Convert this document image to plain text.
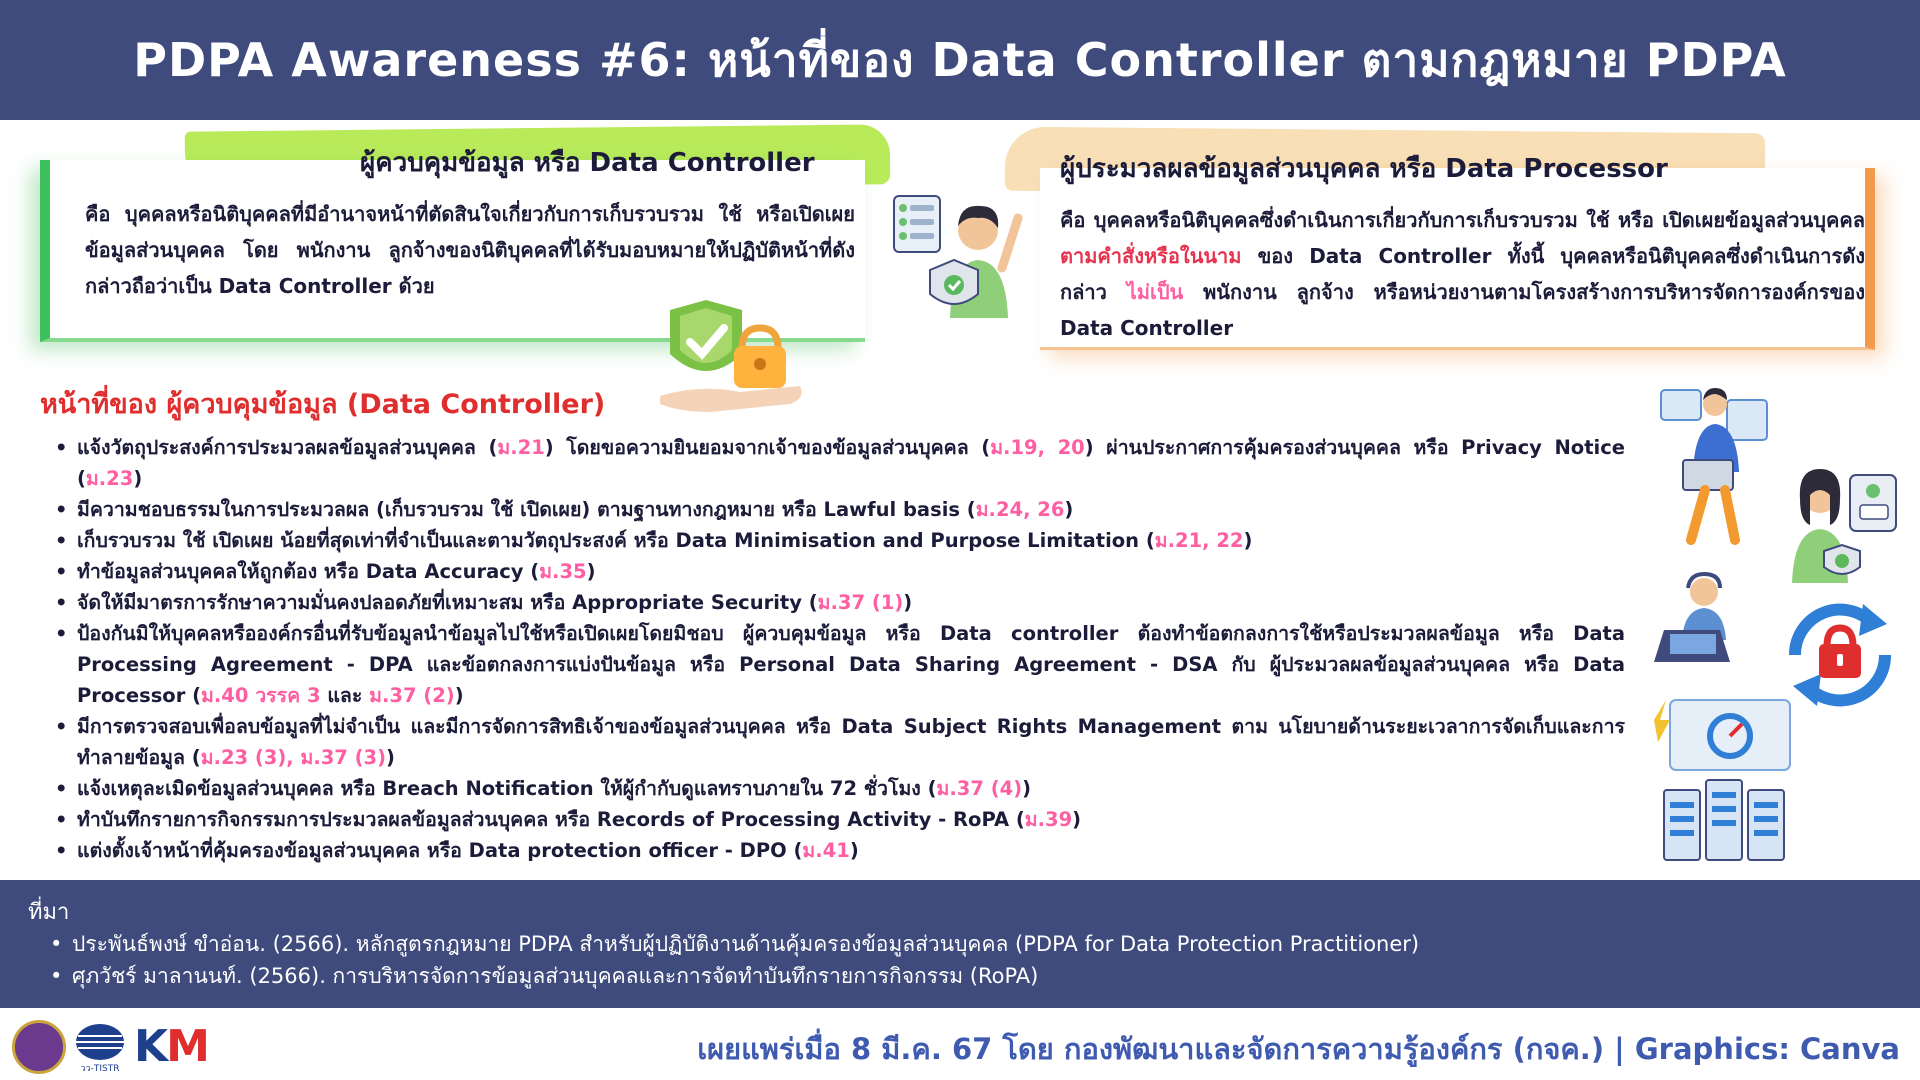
PDPA Awareness #6: หน้าที่ของ Data Controller ตามกฎหมาย PDPA
ผู้ควบคุมข้อมูล หรือ Data Controller
คือ บุคคลหรือนิติบุคคลที่มีอำนาจหน้าที่ตัดสินใจเกี่ยวกับการเก็บรวบรวม ใช้ หรือเปิดเผยข้อมูลส่วนบุคคล โดย พนักงาน ลูกจ้างของนิติบุคคลที่ได้รับมอบหมายให้ปฏิบัติหน้าที่ดังกล่าวถือว่าเป็น Data Controller ด้วย
ผู้ประมวลผลข้อมูลส่วนบุคคล หรือ Data Processor
คือ บุคคลหรือนิติบุคคลซึ่งดำเนินการเกี่ยวกับการเก็บรวบรวม ใช้ หรือ เปิดเผยข้อมูลส่วนบุคคล ตามคำสั่งหรือในนาม ของ Data Controller ทั้งนี้ บุคคลหรือนิติบุคคลซึ่งดำเนินการดังกล่าว ไม่เป็น พนักงาน ลูกจ้าง หรือหน่วยงานตามโครงสร้างการบริหารจัดการองค์กรของ Data Controller
หน้าที่ของ ผู้ควบคุมข้อมูล (Data Controller)
• แจ้งวัตถุประสงค์การประมวลผลข้อมูลส่วนบุคคล (ม.21) โดยขอความยินยอมจากเจ้าของข้อมูลส่วนบุคคล (ม.19, 20) ผ่านประกาศการคุ้มครองส่วนบุคคล หรือ Privacy Notice (ม.23)
• มีความชอบธรรมในการประมวลผล (เก็บรวบรวม ใช้ เปิดเผย) ตามฐานทางกฎหมาย หรือ Lawful basis (ม.24, 26)
• เก็บรวบรวม ใช้ เปิดเผย น้อยที่สุดเท่าที่จำเป็นและตามวัตถุประสงค์ หรือ Data Minimisation and Purpose Limitation (ม.21, 22)
• ทำข้อมูลส่วนบุคคลให้ถูกต้อง หรือ Data Accuracy (ม.35)
• จัดให้มีมาตรการรักษาความมั่นคงปลอดภัยที่เหมาะสม หรือ Appropriate Security (ม.37 (1))
• ป้องกันมิให้บุคคลหรือองค์กรอื่นที่รับข้อมูลนำข้อมูลไปใช้หรือเปิดเผยโดยมิชอบ ผู้ควบคุมข้อมูล หรือ Data controller ต้องทำข้อตกลงการใช้หรือประมวลผลข้อมูล หรือ Data Processing Agreement - DPA และข้อตกลงการแบ่งปันข้อมูล หรือ Personal Data Sharing Agreement - DSA กับ ผู้ประมวลผลข้อมูลส่วนบุคคล หรือ Data Processor (ม.40 วรรค 3 และ ม.37 (2))
• มีการตรวจสอบเพื่อลบข้อมูลที่ไม่จำเป็น และมีการจัดการสิทธิเจ้าของข้อมูลส่วนบุคคล หรือ Data Subject Rights Management ตาม นโยบายด้านระยะเวลาการจัดเก็บและการทำลายข้อมูล (ม.23 (3), ม.37 (3))
• แจ้งเหตุละเมิดข้อมูลส่วนบุคคล หรือ Breach Notification ให้ผู้กำกับดูแลทราบภายใน 72 ชั่วโมง (ม.37 (4))
• ทำบันทึกรายการกิจกรรมการประมวลผลข้อมูลส่วนบุคคล หรือ Records of Processing Activity - RoPA (ม.39)
• แต่งตั้งเจ้าหน้าที่คุ้มครองข้อมูลส่วนบุคคล หรือ Data protection officer - DPO (ม.41)
ที่มา
• ประพันธ์พงษ์ ขำอ่อน. (2566). หลักสูตรกฎหมาย PDPA สำหรับผู้ปฏิบัติงานด้านคุ้มครองข้อมูลส่วนบุคคล (PDPA for Data Protection Practitioner)
• ศุภวัชร์ มาลานนท์. (2566). การบริหารจัดการข้อมูลส่วนบุคคลและการจัดทำบันทึกรายการกิจกรรม (RoPA)
วว-TISTR KM	เผยแพร่เมื่อ 8 มี.ค. 67 โดย กองพัฒนาและจัดการความรู้องค์กร (กจค.) | Graphics: Canva
